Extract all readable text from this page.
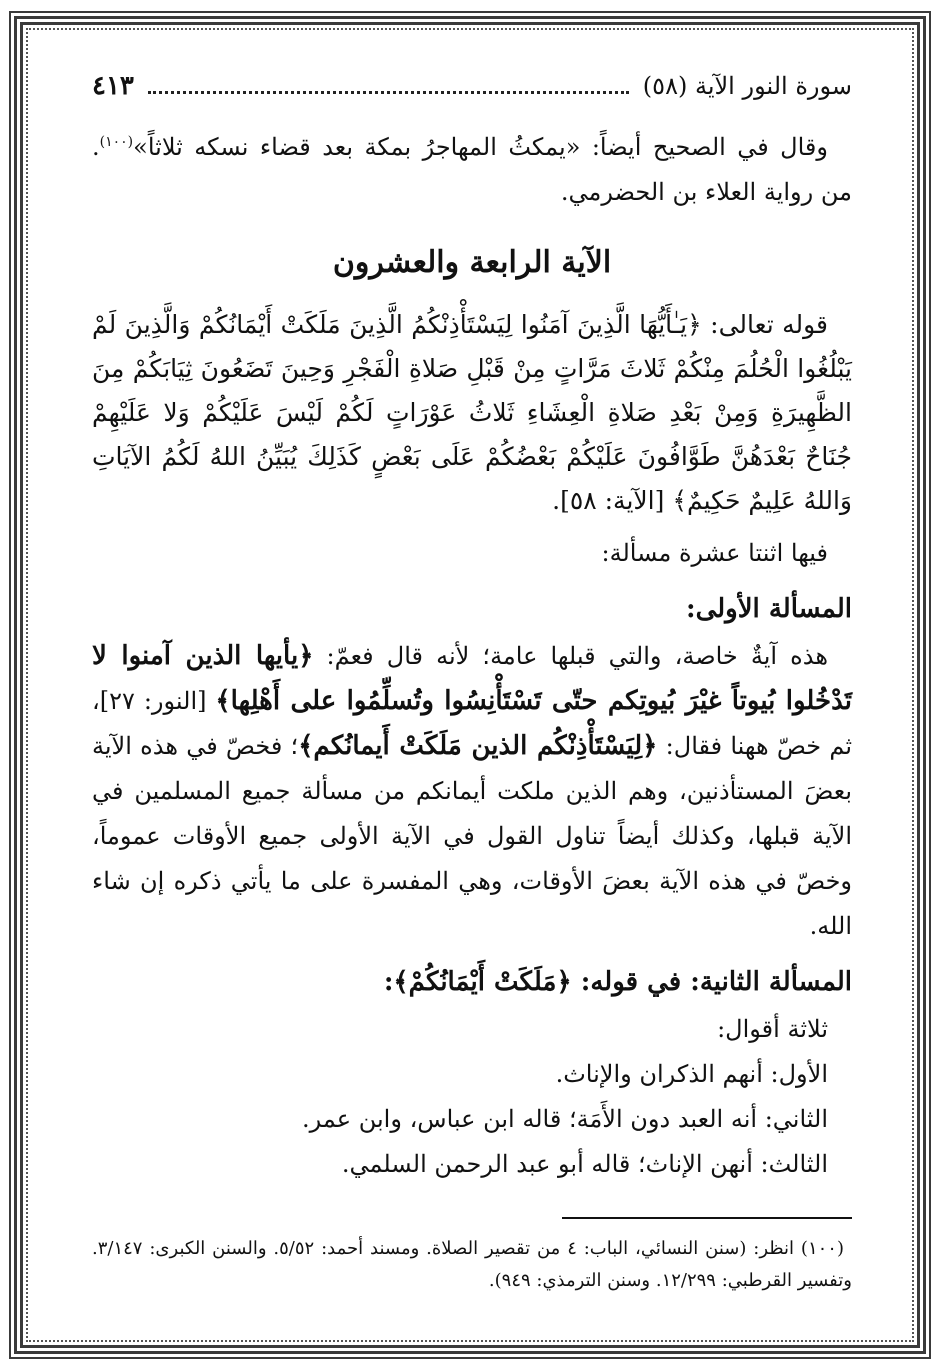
سورة النور الآية (٥٨)
٤١٣

وقال في الصحيح أيضاً: «يمكثُ المهاجرُ بمكة بعد قضاء نسكه ثلاثاً»$^{(١٠٠)}$. من رواية العلاء بن الحضرمي.

الآية الرابعة والعشرون

قوله تعالى: ﴿يَـٰأَيُّهَا الَّذِينَ آمَنُوا لِيَسْتَأْذِنْكُمُ الَّذِينَ مَلَكَتْ أَيْمَانُكُمْ وَالَّذِينَ لَمْ يَبْلُغُوا الْحُلُمَ مِنْكُمْ ثَلاثَ مَرَّاتٍ مِنْ قَبْلِ صَلاةِ الْفَجْرِ وَحِينَ تَضَعُونَ ثِيَابَكُمْ مِنَ الظَّهِيرَةِ وَمِنْ بَعْدِ صَلاةِ الْعِشَاءِ ثَلاثُ عَوْرَاتٍ لَكُمْ لَيْسَ عَلَيْكُمْ وَلا عَلَيْهِمْ جُنَاحٌ بَعْدَهُنَّ طَوَّافُونَ عَلَيْكُمْ بَعْضُكُمْ عَلَى بَعْضٍ كَذَلِكَ يُبَيِّنُ اللهُ لَكُمُ الآيَاتِ وَاللهُ عَلِيمٌ حَكِيمٌ﴾ [الآية: ٥٨].

فيها اثنتا عشرة مسألة:

المسألة الأولى:

هذه آيةٌ خاصة، والتي قبلها عامة؛ لأنه قال فعمّ: ﴿يأيها الذين آمنوا لا تَدْخُلوا بُيوتاً غيْرَ بُيوتِكم حتّى تَسْتَأْنِسُوا وتُسلِّمُوا على أَهْلِها﴾ [النور: ٢٧]، ثم خصّ ههنا فقال: ﴿لِيَسْتَأْذِنْكُم الذين مَلَكَتْ أَيمانُكم﴾؛ فخصّ في هذه الآية بعضَ المستأذنين، وهم الذين ملكت أيمانكم من مسألة جميع المسلمين في الآية قبلها، وكذلك أيضاً تناول القول في الآية الأولى جميع الأوقات عموماً، وخصّ في هذه الآية بعضَ الأوقات، وهي المفسرة على ما يأتي ذكره إن شاء الله.

المسألة الثانية: في قوله: ﴿مَلَكَتْ أَيْمَانُكُمْ﴾:

ثلاثة أقوال:

الأول: أنهم الذكران والإناث.

الثاني: أنه العبد دون الأَمَة؛ قاله ابن عباس، وابن عمر.

الثالث: أنهن الإناث؛ قاله أبو عبد الرحمن السلمي.

(١٠٠) انظر: (سنن النسائي، الباب: ٤ من تقصير الصلاة. ومسند أحمد: ٥/٥٢. والسنن الكبرى: ٣/١٤٧. وتفسير القرطبي: ١٢/٢٩٩. وسنن الترمذي: ٩٤٩).
